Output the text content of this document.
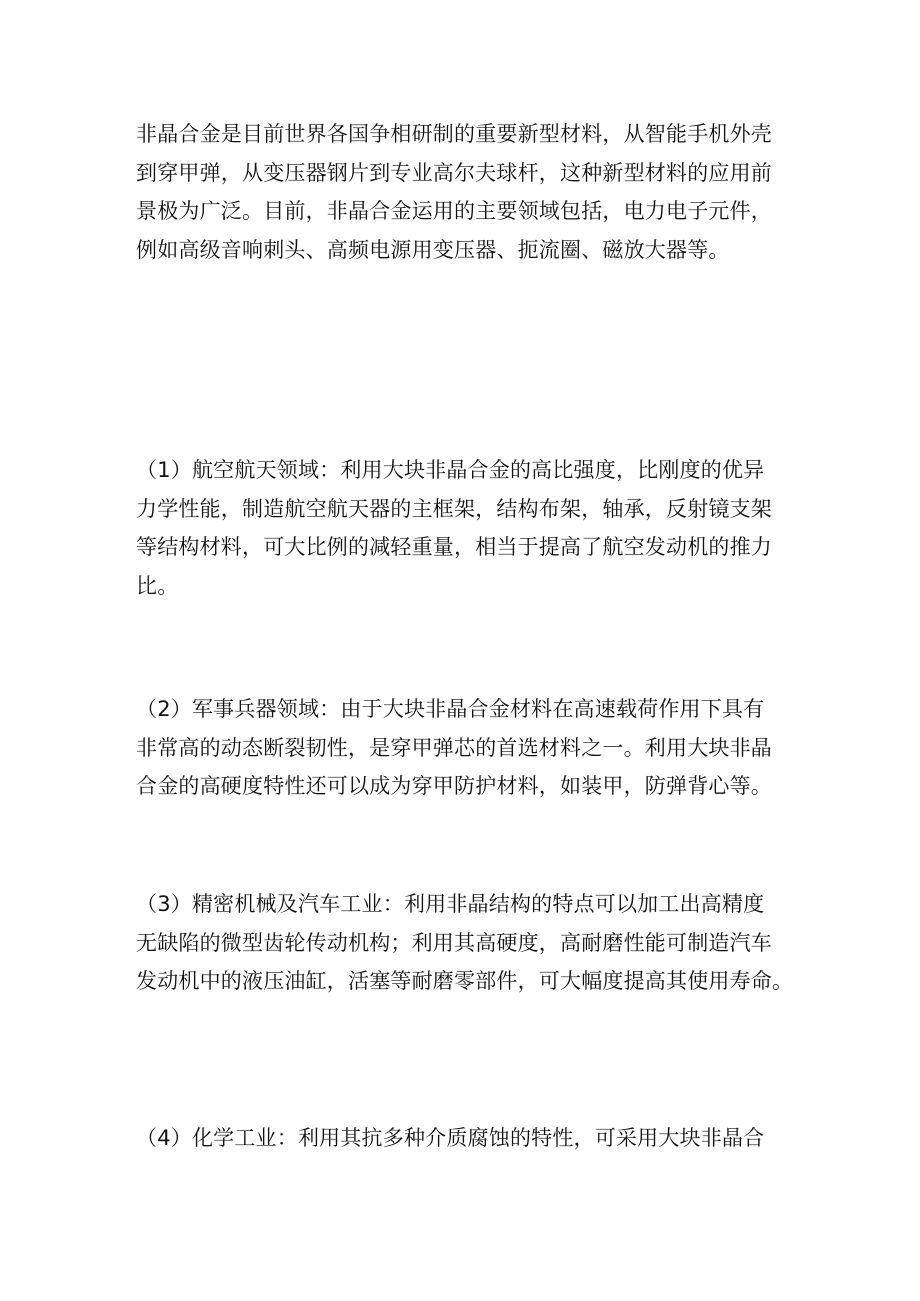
非晶合金是目前世界各国争相研制的重要新型材料，从智能手机外壳
到穿甲弹，从变压器钢片到专业高尔夫球杆，这种新型材料的应用前
景极为广泛。目前，非晶合金运用的主要领域包括，电力电子元件，
例如高级音响刺头、高频电源用变压器、扼流圈、磁放大器等。

（1）航空航天领域：利用大块非晶合金的高比强度，比刚度的优异
力学性能，制造航空航天器的主框架，结构布架，轴承，反射镜支架
等结构材料，可大比例的减轻重量，相当于提高了航空发动机的推力
比。

（2）军事兵器领域：由于大块非晶合金材料在高速载荷作用下具有
非常高的动态断裂韧性，是穿甲弹芯的首选材料之一。利用大块非晶
合金的高硬度特性还可以成为穿甲防护材料，如装甲，防弹背心等。

（3）精密机械及汽车工业：利用非晶结构的特点可以加工出高精度
无缺陷的微型齿轮传动机构；利用其高硬度，高耐磨性能可制造汽车
发动机中的液压油缸，活塞等耐磨零部件，可大幅度提高其使用寿命。

（4）化学工业：利用其抗多种介质腐蚀的特性，可采用大块非晶合
